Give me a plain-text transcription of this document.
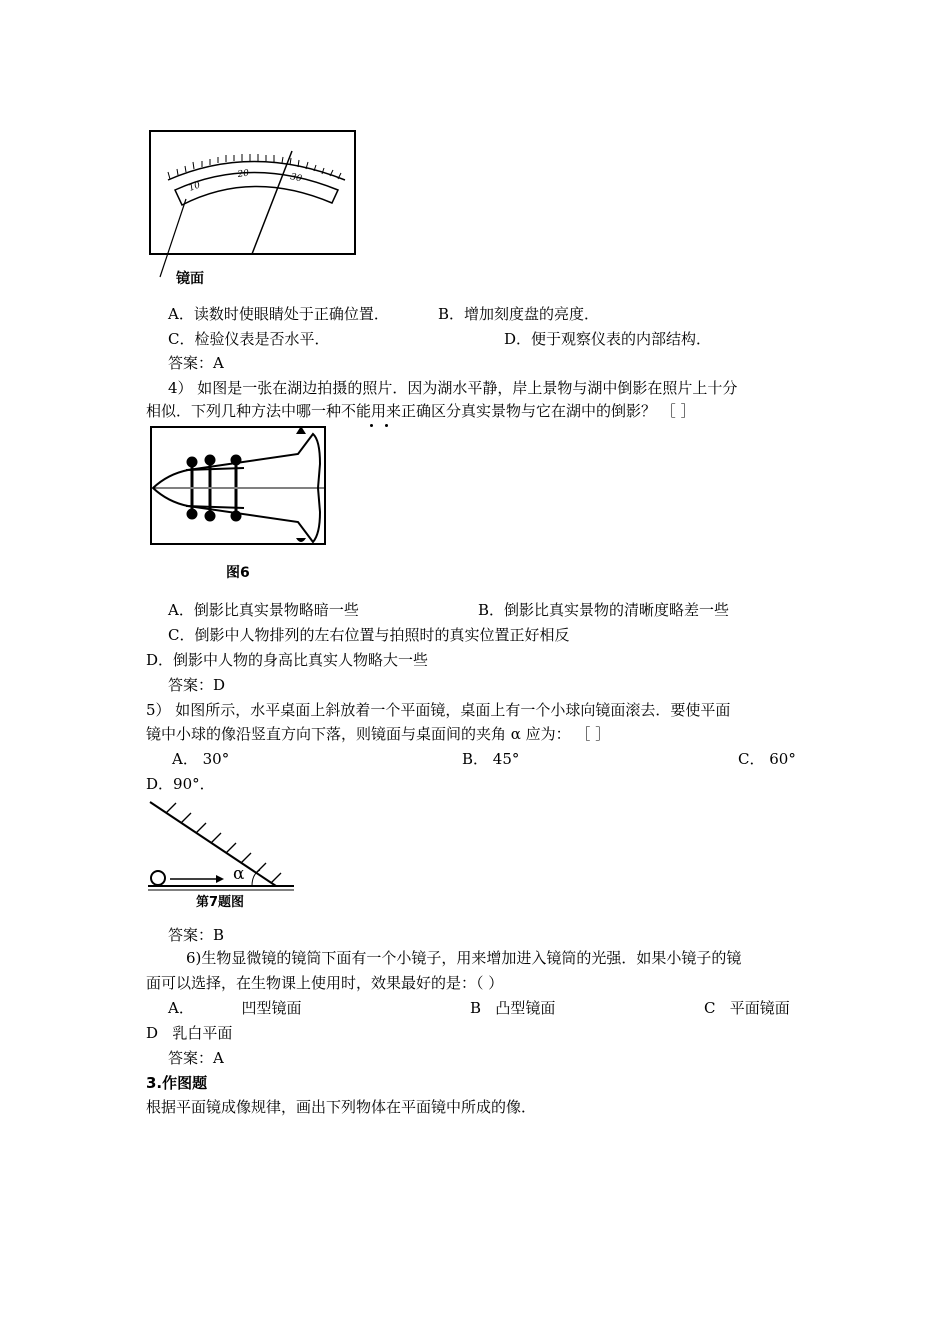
10
20	30
镜面
A．读数时使眼睛处于正确位置．	B．增加刻度盘的亮度．
C．检验仪表是否水平．	D．便于观察仪表的内部结构．
答案：A
4） 如图是一张在湖边拍摄的照片．因为湖水平静，岸上景物与湖中倒影在照片上十分
相似．下列几种方法中哪一种不能用来正确区分真实景物与它在湖中的倒影？ ［ ］
图6
A．倒影比真实景物略暗一些	B．倒影比真实景物的清晰度略差一些
C．倒影中人物排列的左右位置与拍照时的真实位置正好相反
D．倒影中人物的身高比真实人物略大一些
答案：D
5） 如图所示，水平桌面上斜放着一个平面镜，桌面上有一个小球向镜面滚去．要使平面
镜中小球的像沿竖直方向下落，则镜面与桌面间的夹角 α 应为： ［ ］
A． 30°	B． 45°	C． 60°
D．90°．
α
第7题图
答案：B
6)生物显微镜的镜筒下面有一个小镜子，用来增加进入镜筒的光强．如果小镜子的镜
面可以选择，在生物课上使用时，效果最好的是：（ ）
A．          凹型镜面	B   凸型镜面	C   平面镜面
D   乳白平面
答案：A
3.作图题
根据平面镜成像规律，画出下列物体在平面镜中所成的像．
